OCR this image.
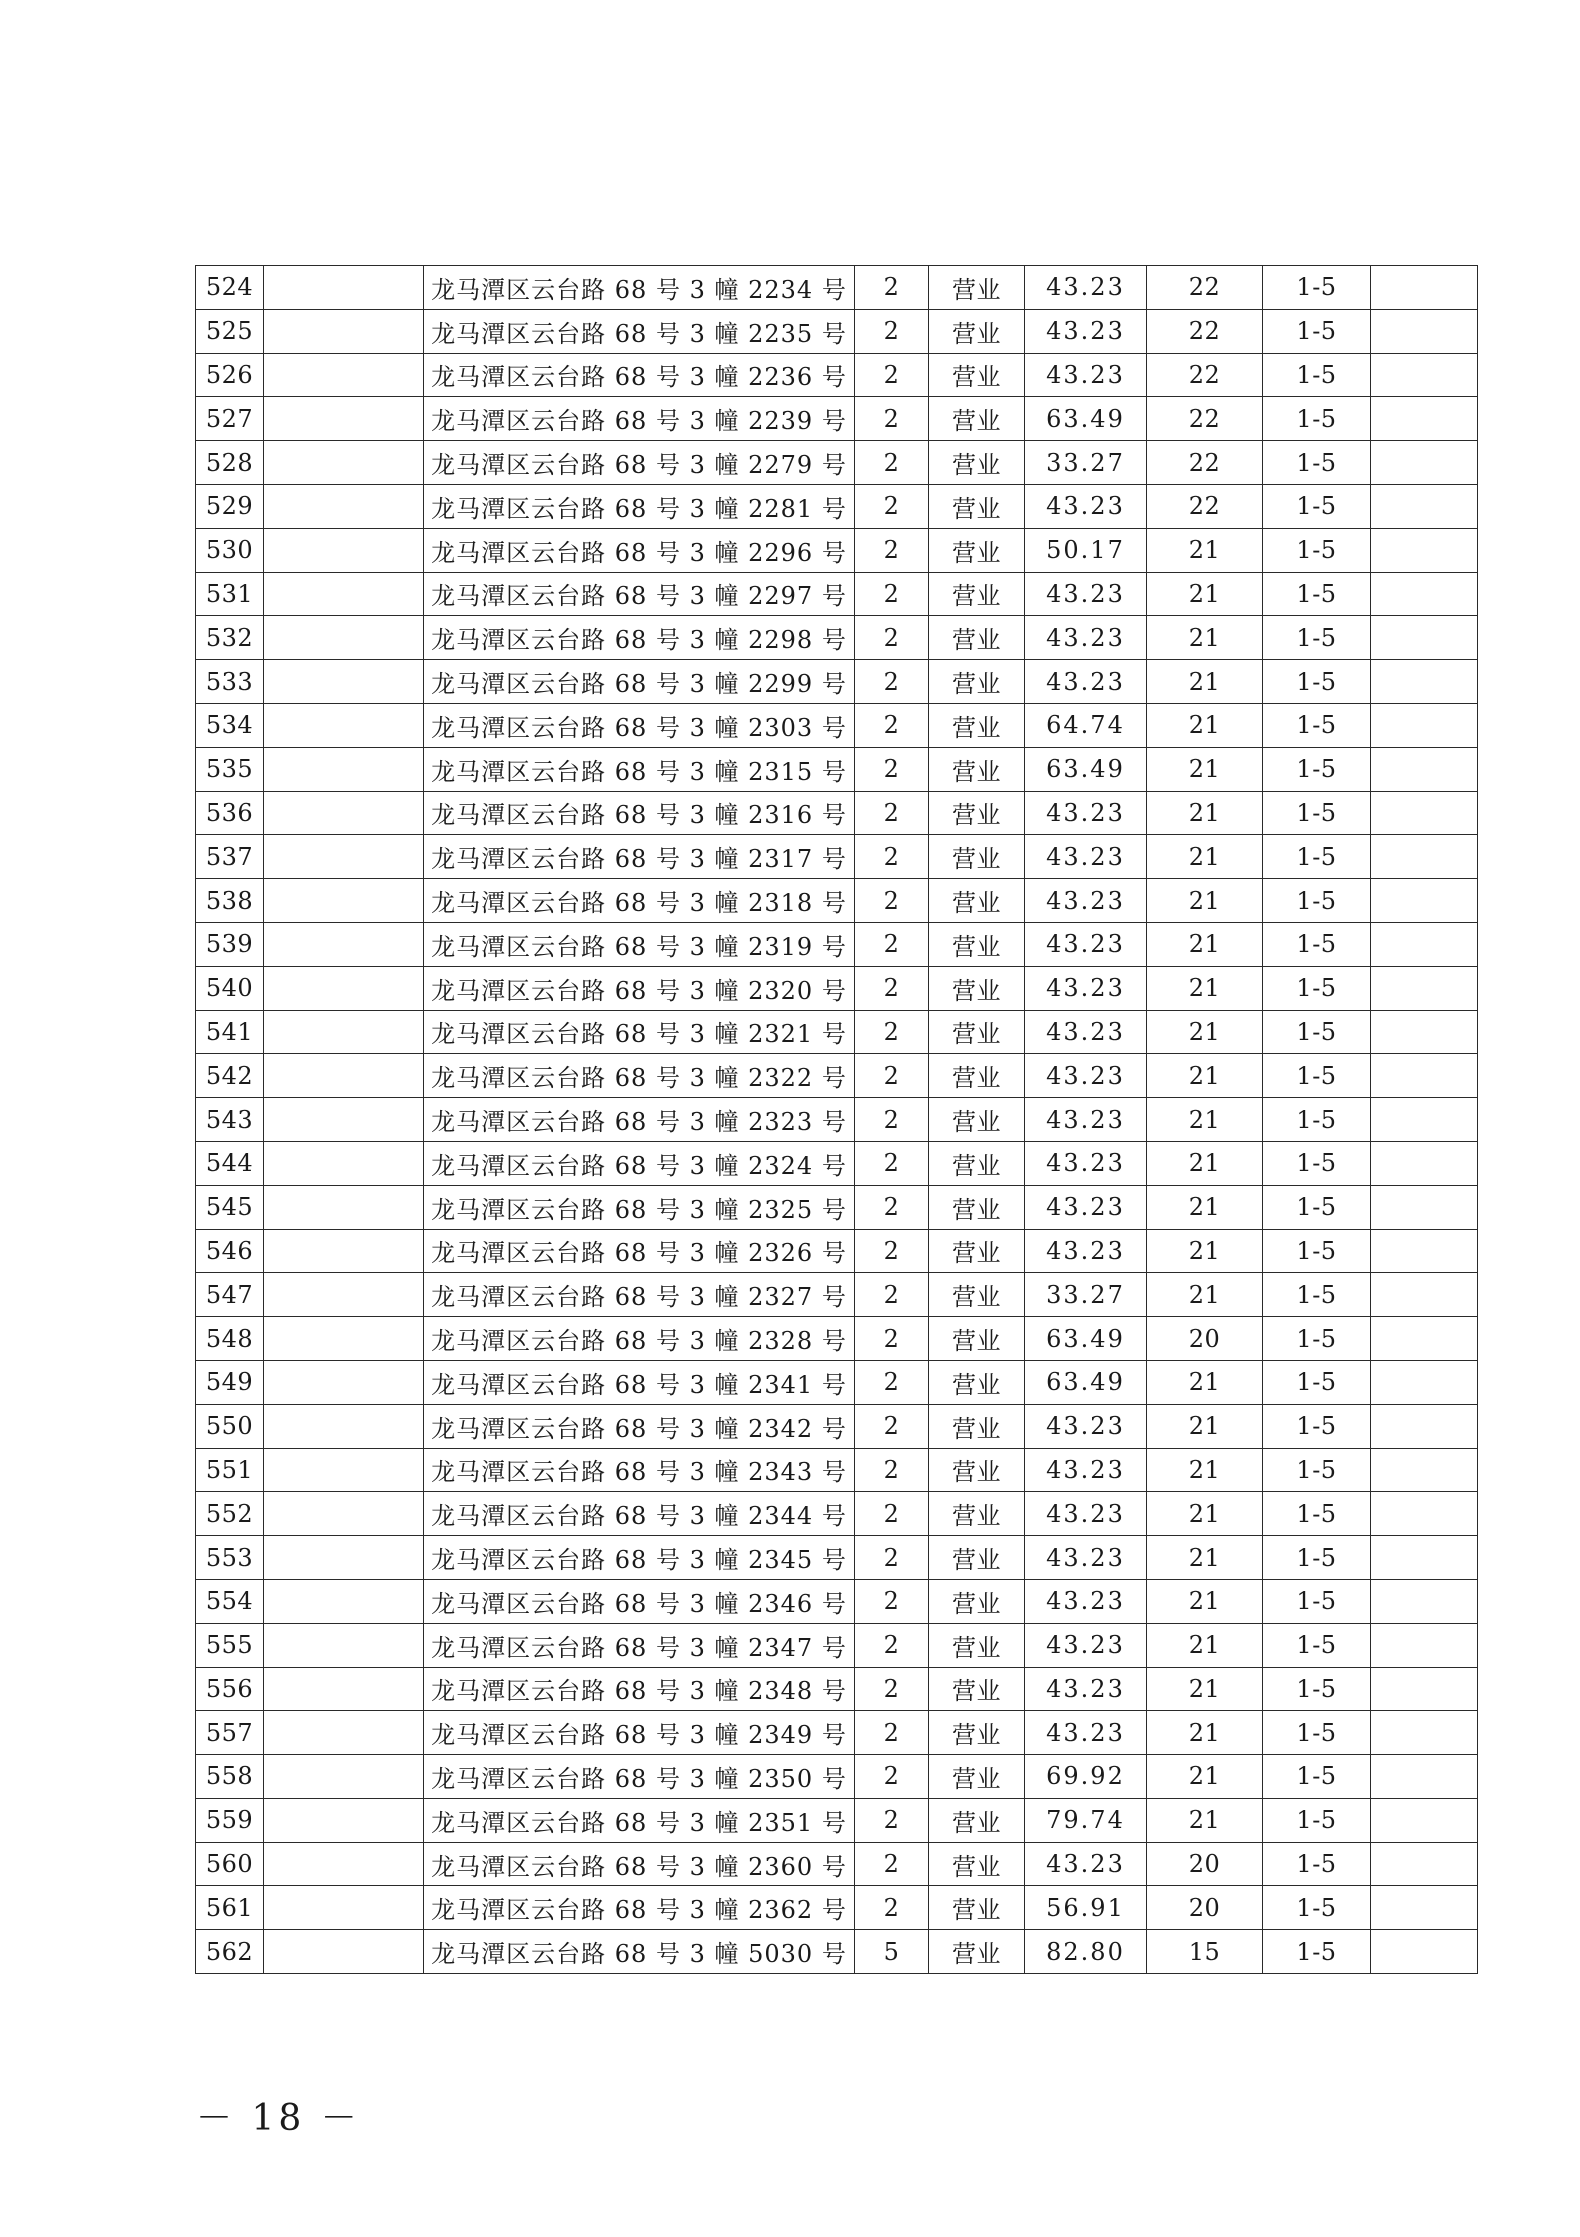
524		龙马潭区云台路 68 号 3 幢 2234 号	2	营业	43.23	22	1-5	
525		龙马潭区云台路 68 号 3 幢 2235 号	2	营业	43.23	22	1-5	
526		龙马潭区云台路 68 号 3 幢 2236 号	2	营业	43.23	22	1-5	
527		龙马潭区云台路 68 号 3 幢 2239 号	2	营业	63.49	22	1-5	
528		龙马潭区云台路 68 号 3 幢 2279 号	2	营业	33.27	22	1-5	
529		龙马潭区云台路 68 号 3 幢 2281 号	2	营业	43.23	22	1-5	
530		龙马潭区云台路 68 号 3 幢 2296 号	2	营业	50.17	21	1-5	
531		龙马潭区云台路 68 号 3 幢 2297 号	2	营业	43.23	21	1-5	
532		龙马潭区云台路 68 号 3 幢 2298 号	2	营业	43.23	21	1-5	
533		龙马潭区云台路 68 号 3 幢 2299 号	2	营业	43.23	21	1-5	
534		龙马潭区云台路 68 号 3 幢 2303 号	2	营业	64.74	21	1-5	
535		龙马潭区云台路 68 号 3 幢 2315 号	2	营业	63.49	21	1-5	
536		龙马潭区云台路 68 号 3 幢 2316 号	2	营业	43.23	21	1-5	
537		龙马潭区云台路 68 号 3 幢 2317 号	2	营业	43.23	21	1-5	
538		龙马潭区云台路 68 号 3 幢 2318 号	2	营业	43.23	21	1-5	
539		龙马潭区云台路 68 号 3 幢 2319 号	2	营业	43.23	21	1-5	
540		龙马潭区云台路 68 号 3 幢 2320 号	2	营业	43.23	21	1-5	
541		龙马潭区云台路 68 号 3 幢 2321 号	2	营业	43.23	21	1-5	
542		龙马潭区云台路 68 号 3 幢 2322 号	2	营业	43.23	21	1-5	
543		龙马潭区云台路 68 号 3 幢 2323 号	2	营业	43.23	21	1-5	
544		龙马潭区云台路 68 号 3 幢 2324 号	2	营业	43.23	21	1-5	
545		龙马潭区云台路 68 号 3 幢 2325 号	2	营业	43.23	21	1-5	
546		龙马潭区云台路 68 号 3 幢 2326 号	2	营业	43.23	21	1-5	
547		龙马潭区云台路 68 号 3 幢 2327 号	2	营业	33.27	21	1-5	
548		龙马潭区云台路 68 号 3 幢 2328 号	2	营业	63.49	20	1-5	
549		龙马潭区云台路 68 号 3 幢 2341 号	2	营业	63.49	21	1-5	
550		龙马潭区云台路 68 号 3 幢 2342 号	2	营业	43.23	21	1-5	
551		龙马潭区云台路 68 号 3 幢 2343 号	2	营业	43.23	21	1-5	
552		龙马潭区云台路 68 号 3 幢 2344 号	2	营业	43.23	21	1-5	
553		龙马潭区云台路 68 号 3 幢 2345 号	2	营业	43.23	21	1-5	
554		龙马潭区云台路 68 号 3 幢 2346 号	2	营业	43.23	21	1-5	
555		龙马潭区云台路 68 号 3 幢 2347 号	2	营业	43.23	21	1-5	
556		龙马潭区云台路 68 号 3 幢 2348 号	2	营业	43.23	21	1-5	
557		龙马潭区云台路 68 号 3 幢 2349 号	2	营业	43.23	21	1-5	
558		龙马潭区云台路 68 号 3 幢 2350 号	2	营业	69.92	21	1-5	
559		龙马潭区云台路 68 号 3 幢 2351 号	2	营业	79.74	21	1-5	
560		龙马潭区云台路 68 号 3 幢 2360 号	2	营业	43.23	20	1-5	
561		龙马潭区云台路 68 号 3 幢 2362 号	2	营业	56.91	20	1-5	
562		龙马潭区云台路 68 号 3 幢 5030 号	5	营业	82.80	15	1-5	
－ 18 －
